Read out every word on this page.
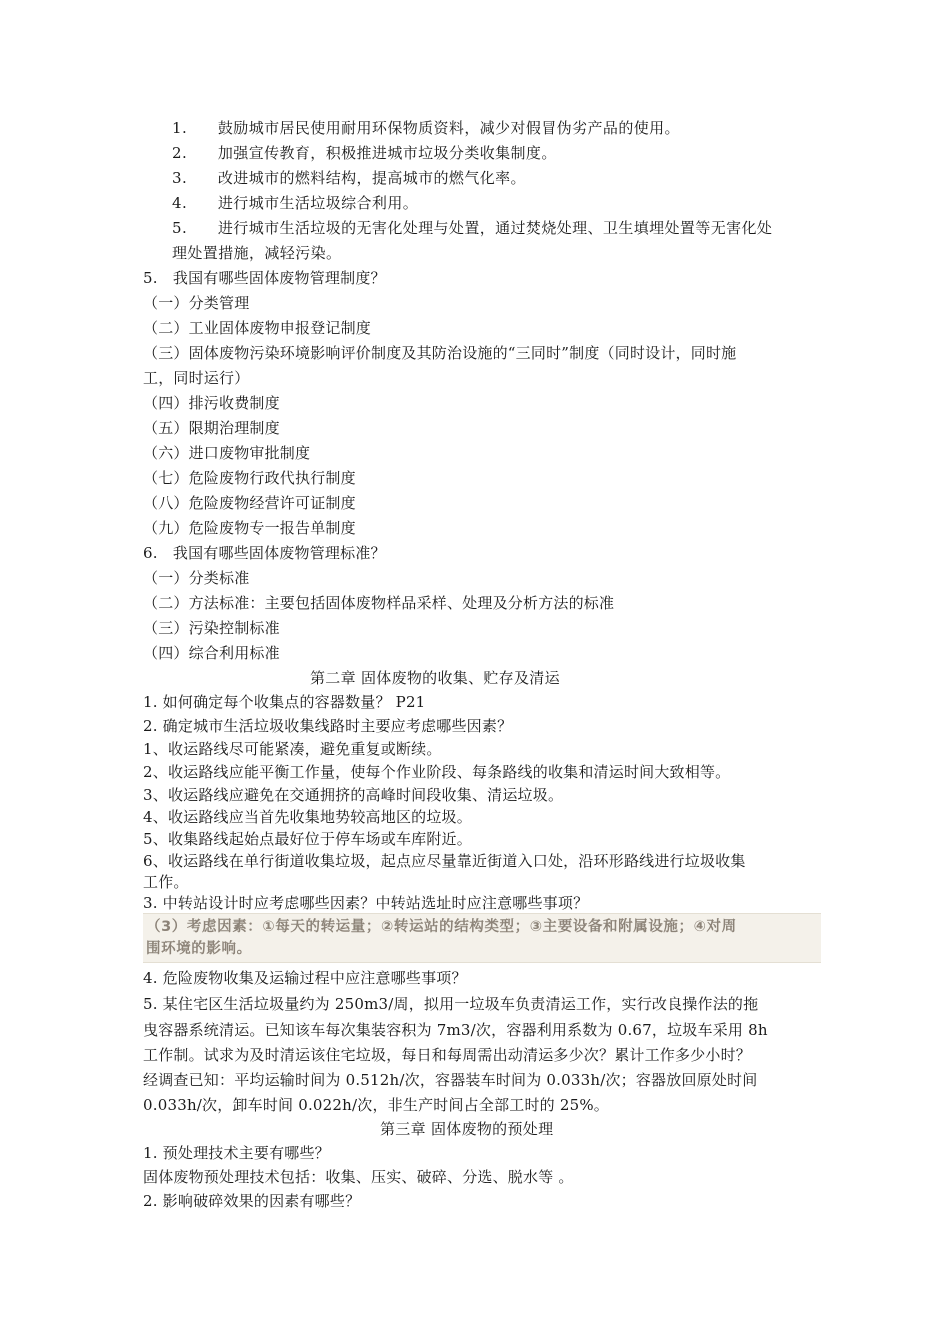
1.　　鼓励城市居民使用耐用环保物质资料，减少对假冒伪劣产品的使用。
2.　　加强宣传教育，积极推进城市垃圾分类收集制度。
3.　　改进城市的燃料结构，提高城市的燃气化率。
4.　　进行城市生活垃圾综合利用。
5.　　进行城市生活垃圾的无害化处理与处置，通过焚烧处理、卫生填埋处置等无害化处
理处置措施，减轻污染。
5.　我国有哪些固体废物管理制度？
（一）分类管理
（二）工业固体废物申报登记制度
（三）固体废物污染环境影响评价制度及其防治设施的“三同时”制度（同时设计，同时施
工，同时运行）
（四）排污收费制度
（五）限期治理制度
（六）进口废物审批制度
（七）危险废物行政代执行制度
（八）危险废物经营许可证制度
（九）危险废物专一报告单制度
6.　我国有哪些固体废物管理标准？
（一）分类标准
（二）方法标准：主要包括固体废物样品采样、处理及分析方法的标准
（三）污染控制标准
（四）综合利用标准
第二章 固体废物的收集、贮存及清运
1. 如何确定每个收集点的容器数量？ P21
2. 确定城市生活垃圾收集线路时主要应考虑哪些因素？
1、收运路线尽可能紧凑，避免重复或断续。
2、收运路线应能平衡工作量，使每个作业阶段、每条路线的收集和清运时间大致相等。
3、收运路线应避免在交通拥挤的高峰时间段收集、清运垃圾。
4、收运路线应当首先收集地势较高地区的垃圾。
5、收集路线起始点最好位于停车场或车库附近。
6、收运路线在单行街道收集垃圾，起点应尽量靠近街道入口处，沿环形路线进行垃圾收集
工作。
3. 中转站设计时应考虑哪些因素？中转站选址时应注意哪些事项？
（3）考虑因素：①每天的转运量；②转运站的结构类型；③主要设备和附属设施；④对周
围环境的影响。
4. 危险废物收集及运输过程中应注意哪些事项？
5. 某住宅区生活垃圾量约为 250m3/周，拟用一垃圾车负责清运工作，实行改良操作法的拖
曳容器系统清运。已知该车每次集装容积为 7m3/次，容器利用系数为 0.67，垃圾车采用 8h
工作制。试求为及时清运该住宅垃圾，每日和每周需出动清运多少次？累计工作多少小时？
经调查已知：平均运输时间为 0.512h/次，容器装车时间为 0.033h/次；容器放回原处时间
0.033h/次，卸车时间 0.022h/次，非生产时间占全部工时的 25%。
第三章 固体废物的预处理
1. 预处理技术主要有哪些？
固体废物预处理技术包括：收集、压实、破碎、分选、脱水等 。
2. 影响破碎效果的因素有哪些？
